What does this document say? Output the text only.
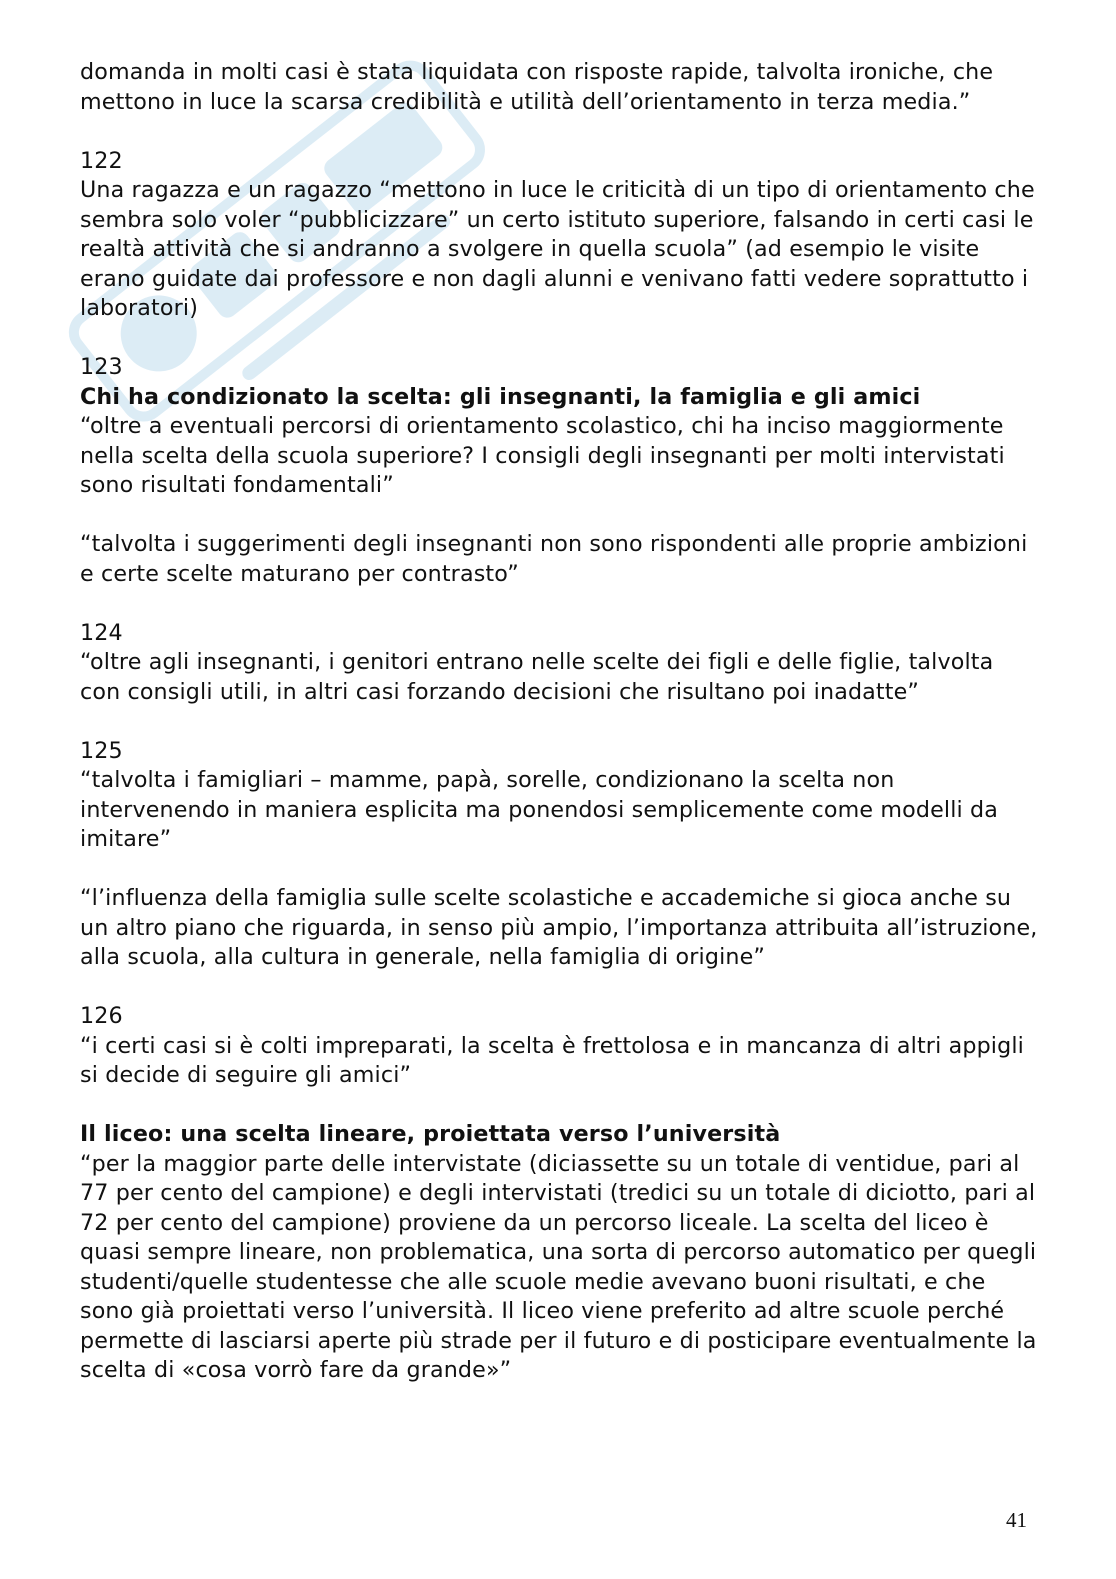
domanda in molti casi è stata liquidata con risposte rapide, talvolta ironiche, che mettono in luce la scarsa credibilità e utilità dell’orientamento in terza media.”

122

Una ragazza e un ragazzo “mettono in luce le criticità di un tipo di orientamento che sembra solo voler “pubblicizzare” un certo istituto superiore, falsando in certi casi le realtà attività che si andranno a svolgere in quella scuola” (ad esempio le visite erano guidate dai professore e non dagli alunni e venivano fatti vedere soprattutto i laboratori)

123
Chi ha condizionato la scelta: gli insegnanti, la famiglia e gli amici

“oltre a eventuali percorsi di orientamento scolastico, chi ha inciso maggiormente nella scelta della scuola superiore? I consigli degli insegnanti per molti intervistati sono risultati fondamentali”

“talvolta i suggerimenti degli insegnanti non sono rispondenti alle proprie ambizioni e certe scelte maturano per contrasto”

124

“oltre agli insegnanti, i genitori entrano nelle scelte dei figli e delle figlie, talvolta con consigli utili, in altri casi forzando decisioni che risultano poi inadatte”

125

“talvolta i famigliari – mamme, papà, sorelle, condizionano la scelta non intervenendo in maniera esplicita ma ponendosi semplicemente come modelli da imitare”

“l’influenza della famiglia sulle scelte scolastiche e accademiche si gioca anche su un altro piano che riguarda, in senso più ampio, l’importanza attribuita all’istruzione, alla scuola, alla cultura in generale, nella famiglia di origine”

126

“i certi casi si è colti impreparati, la scelta è frettolosa e in mancanza di altri appigli si decide di seguire gli amici”

Il liceo: una scelta lineare, proiettata verso l’università

“per la maggior parte delle intervistate (diciassette su un totale di ventidue, pari al 77 per cento del campione) e degli intervistati (tredici su un totale di diciotto, pari al 72 per cento del campione) proviene da un percorso liceale. La scelta del liceo è quasi sempre lineare, non problematica, una sorta di percorso automatico per quegli studenti/quelle studentesse che alle scuole medie avevano buoni risultati, e che sono già proiettati verso l’università. Il liceo viene preferito ad altre scuole perché permette di lasciarsi aperte più strade per il futuro e di posticipare eventualmente la scelta di «cosa vorrò fare da grande»”

41
